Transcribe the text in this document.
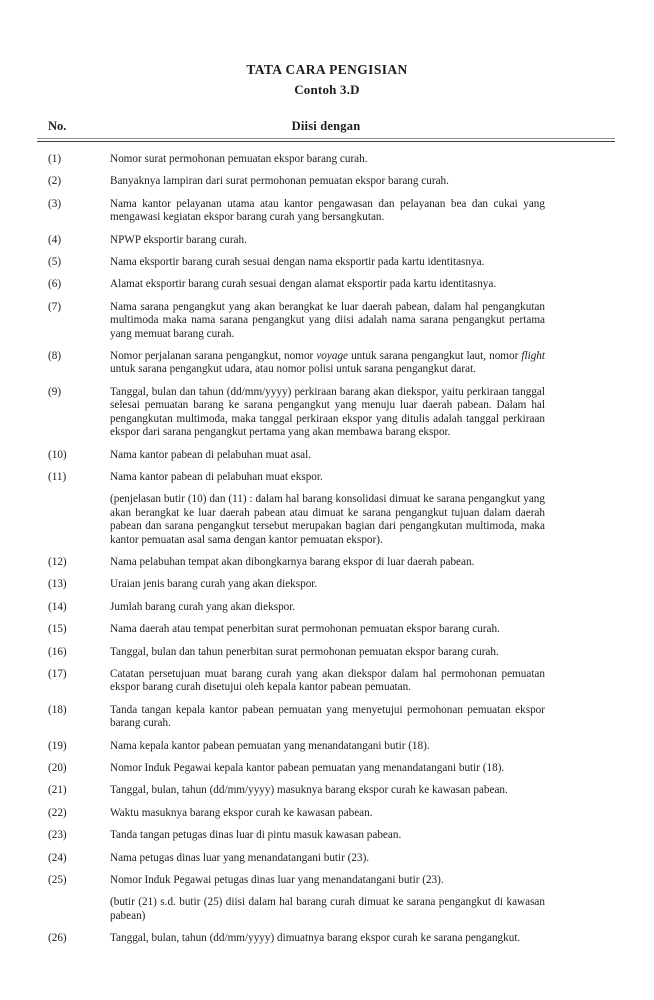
TATA CARA PENGISIAN
Contoh 3.D
No.	Diisi dengan
(1)	Nomor surat permohonan pemuatan ekspor barang curah.
(2)	Banyaknya lampiran dari surat permohonan pemuatan ekspor barang curah.
(3)	Nama kantor pelayanan utama atau kantor pengawasan dan pelayanan bea dan cukai yang mengawasi kegiatan ekspor barang curah yang bersangkutan.
(4)	NPWP eksportir barang curah.
(5)	Nama eksportir barang curah sesuai dengan nama eksportir pada kartu identitasnya.
(6)	Alamat eksportir barang curah sesuai dengan alamat eksportir pada kartu identitasnya.
(7)	Nama sarana pengangkut yang akan berangkat ke luar daerah pabean, dalam hal pengangkutan multimoda maka nama sarana pengangkut yang diisi adalah nama sarana pengangkut pertama yang memuat barang curah.
(8)	Nomor perjalanan sarana pengangkut, nomor voyage untuk sarana pengangkut laut, nomor flight untuk sarana pengangkut udara, atau nomor polisi untuk sarana pengangkut darat.
(9)	Tanggal, bulan dan tahun (dd/mm/yyyy) perkiraan barang akan diekspor, yaitu perkiraan tanggal selesai pemuatan barang ke sarana pengangkut yang menuju luar daerah pabean. Dalam hal pengangkutan multimoda, maka tanggal perkiraan ekspor yang ditulis adalah tanggal perkiraan ekspor dari sarana pengangkut pertama yang akan membawa barang ekspor.
(10)	Nama kantor pabean di pelabuhan muat asal.
(11)	Nama kantor pabean di pelabuhan muat ekspor.
(penjelasan butir (10) dan (11) : dalam hal barang konsolidasi dimuat ke sarana pengangkut yang akan berangkat ke luar daerah pabean atau dimuat ke sarana pengangkut tujuan dalam daerah pabean dan sarana pengangkut tersebut merupakan bagian dari pengangkutan multimoda, maka kantor pemuatan asal sama dengan kantor pemuatan ekspor).
(12)	Nama pelabuhan tempat akan dibongkarnya barang ekspor di luar daerah pabean.
(13)	Uraian jenis barang curah yang akan diekspor.
(14)	Jumlah barang curah yang akan diekspor.
(15)	Nama daerah atau tempat penerbitan surat permohonan pemuatan ekspor barang curah.
(16)	Tanggal, bulan dan tahun penerbitan surat permohonan pemuatan ekspor barang curah.
(17)	Catatan persetujuan muat barang curah yang akan diekspor dalam hal permohonan pemuatan ekspor barang curah disetujui oleh kepala kantor pabean pemuatan.
(18)	Tanda tangan kepala kantor pabean pemuatan yang menyetujui permohonan pemuatan ekspor barang curah.
(19)	Nama kepala kantor pabean pemuatan yang menandatangani butir (18).
(20)	Nomor Induk Pegawai kepala kantor pabean pemuatan yang menandatangani butir (18).
(21)	Tanggal, bulan, tahun (dd/mm/yyyy) masuknya barang ekspor curah ke kawasan pabean.
(22)	Waktu masuknya barang ekspor curah ke kawasan pabean.
(23)	Tanda tangan petugas dinas luar di pintu masuk kawasan pabean.
(24)	Nama petugas dinas luar yang menandatangani butir (23).
(25)	Nomor Induk Pegawai petugas dinas luar yang menandatangani butir (23).
(butir (21) s.d. butir (25) diisi dalam hal barang curah dimuat ke sarana pengangkut di kawasan pabean)
(26)	Tanggal, bulan, tahun (dd/mm/yyyy) dimuatnya barang ekspor curah ke sarana pengangkut.
